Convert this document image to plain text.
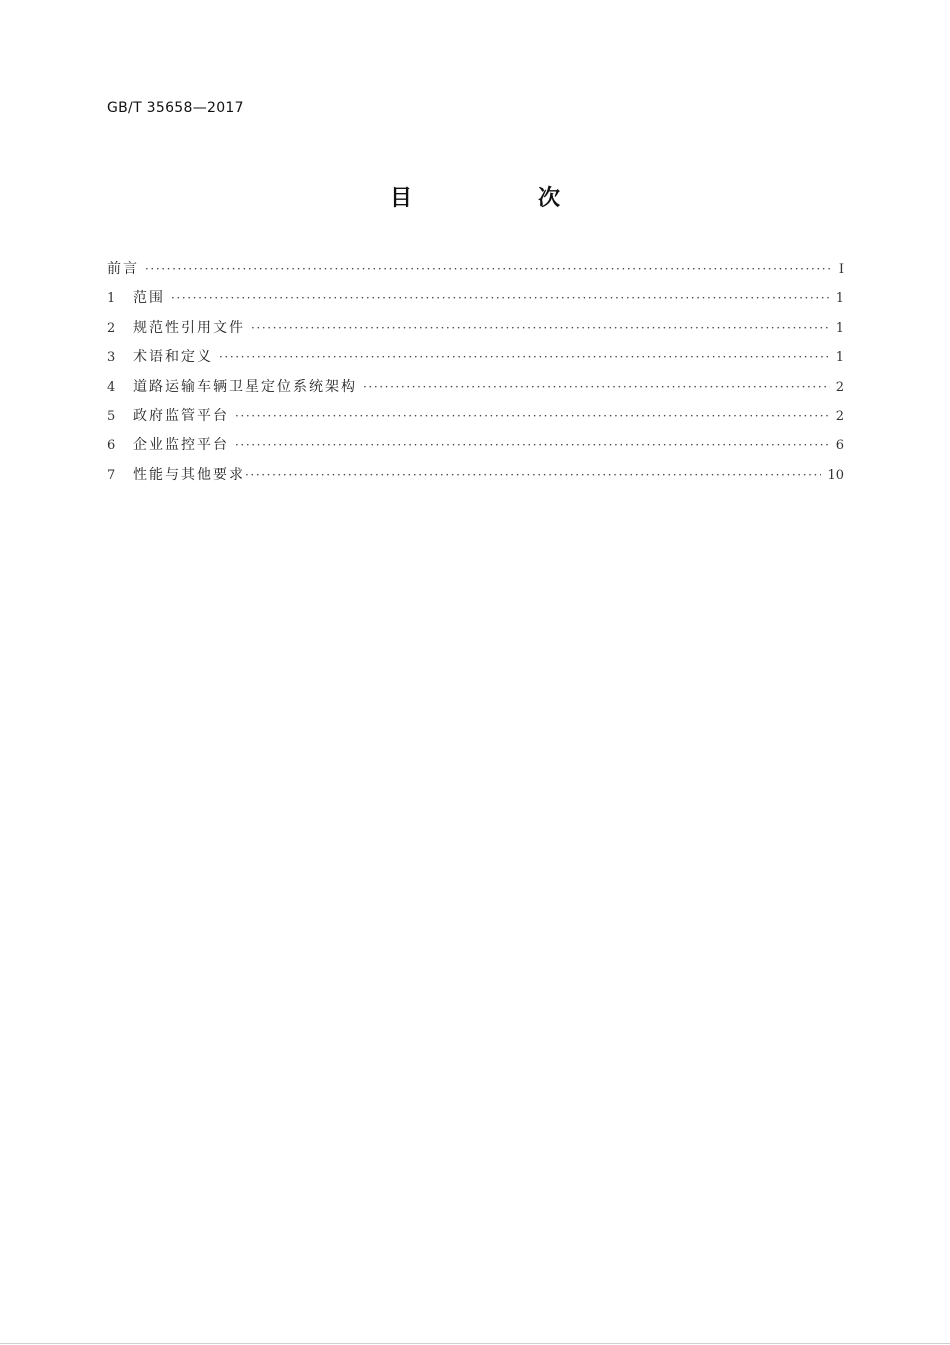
GB/T 35658—2017
目　次
前言 ·····	Ⅰ
1	范围 ·····	1
2	规范性引用文件 ·····	1
3	术语和定义 ·····	1
4	道路运输车辆卫星定位系统架构 ·····	2
5	政府监管平台 ·····	2
6	企业监控平台 ·····	6
7	性能与其他要求 ·····	10
